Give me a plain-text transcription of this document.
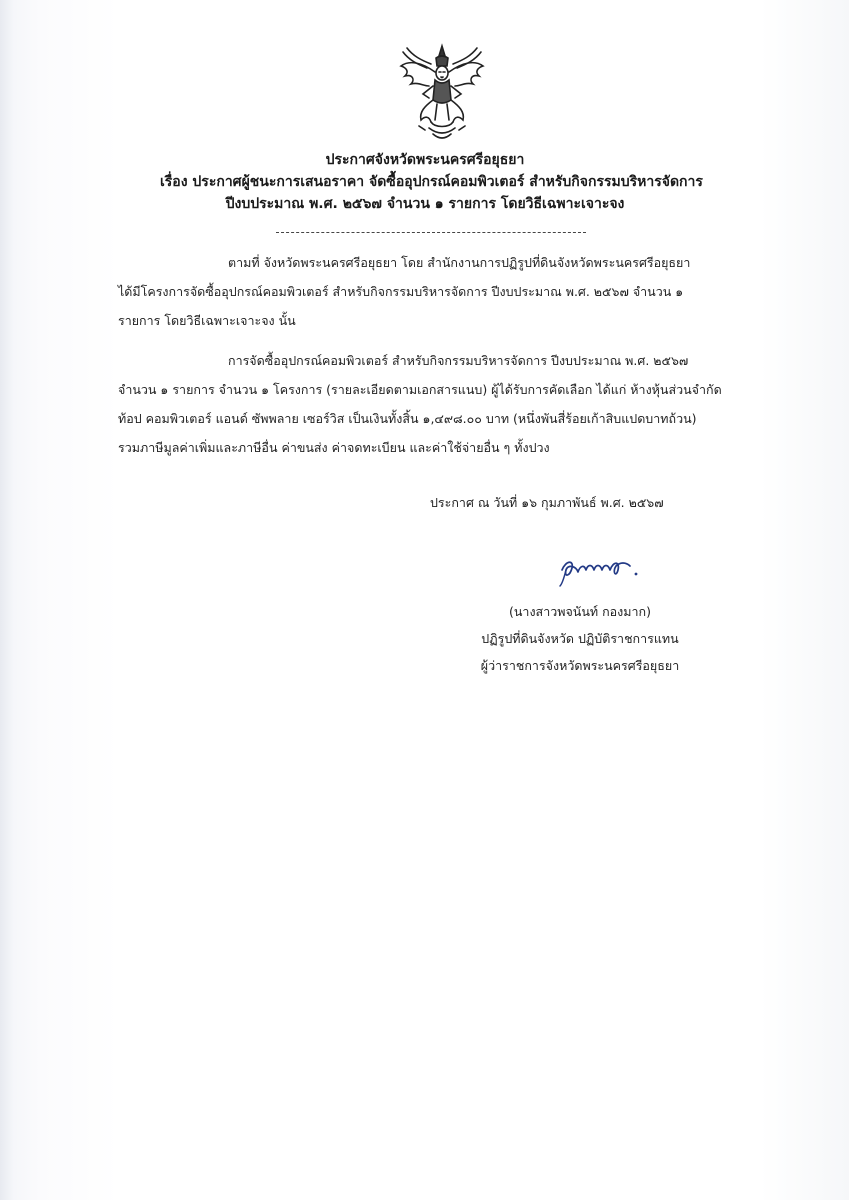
ประกาศจังหวัดพระนครศรีอยุธยา
เรื่อง ประกาศผู้ชนะการเสนอราคา จัดซื้ออุปกรณ์คอมพิวเตอร์ สำหรับกิจกรรมบริหารจัดการ
ปีงบประมาณ พ.ศ. ๒๕๖๗ จำนวน ๑ รายการ โดยวิธีเฉพาะเจาะจง
ตามที่ จังหวัดพระนครศรีอยุธยา โดย สำนักงานการปฏิรูปที่ดินจังหวัดพระนครศรีอยุธยา
ได้มีโครงการจัดซื้ออุปกรณ์คอมพิวเตอร์ สำหรับกิจกรรมบริหารจัดการ ปีงบประมาณ พ.ศ. ๒๕๖๗ จำนวน ๑
รายการ โดยวิธีเฉพาะเจาะจง นั้น
การจัดซื้ออุปกรณ์คอมพิวเตอร์ สำหรับกิจกรรมบริหารจัดการ ปีงบประมาณ พ.ศ. ๒๕๖๗
จำนวน ๑ รายการ จำนวน ๑ โครงการ (รายละเอียดตามเอกสารแนบ) ผู้ได้รับการคัดเลือก ได้แก่ ห้างหุ้นส่วนจำกัด
ท้อป คอมพิวเตอร์ แอนด์ ซัพพลาย เซอร์วิส เป็นเงินทั้งสิ้น ๑,๔๙๘.๐๐ บาท (หนึ่งพันสี่ร้อยเก้าสิบแปดบาทถ้วน)
รวมภาษีมูลค่าเพิ่มและภาษีอื่น ค่าขนส่ง ค่าจดทะเบียน และค่าใช้จ่ายอื่น ๆ ทั้งปวง
ประกาศ ณ วันที่ ๑๖ กุมภาพันธ์ พ.ศ. ๒๕๖๗
(นางสาวพจนันท์ กองมาก)
ปฏิรูปที่ดินจังหวัด ปฏิบัติราชการแทน
ผู้ว่าราชการจังหวัดพระนครศรีอยุธยา
